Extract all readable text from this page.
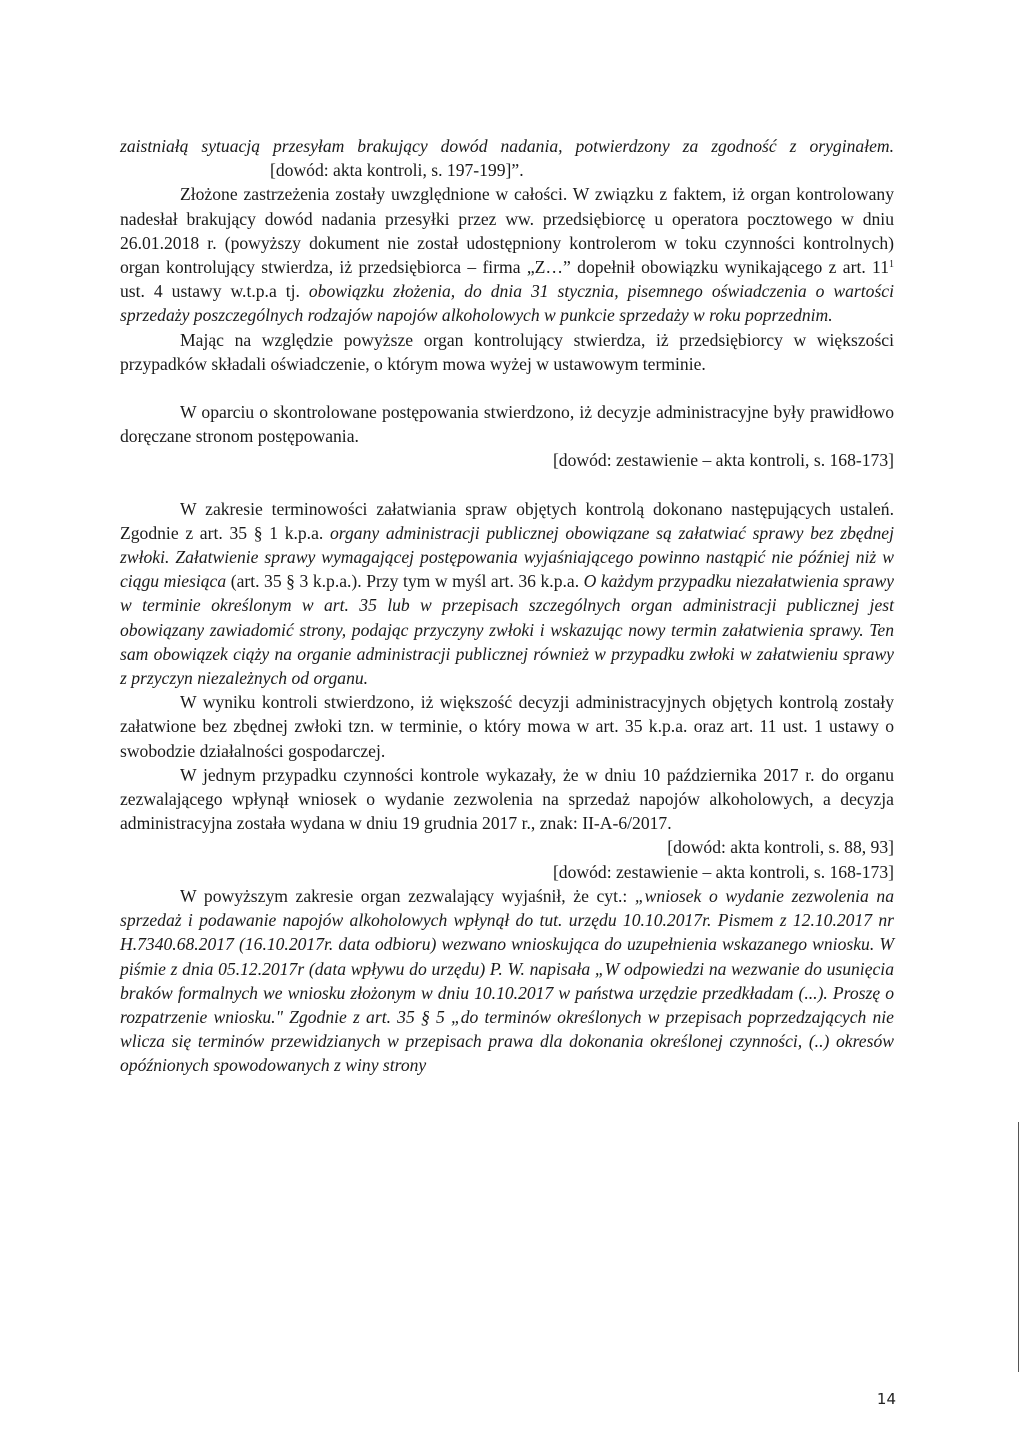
zaistniałą sytuacją przesyłam brakujący dowód nadania, potwierdzony za zgodność z oryginałem.[dowód: akta kontroli, s. 197-199]”.

Złożone zastrzeżenia zostały uwzględnione w całości. W związku z faktem, iż organ kontrolowany nadesłał brakujący dowód nadania przesyłki przez ww. przedsiębiorcę u operatora pocztowego w dniu 26.01.2018 r. (powyższy dokument nie został udostępniony kontrolerom w toku czynności kontrolnych) organ kontrolujący stwierdza, iż przedsiębiorca – firma „Z…” dopełnił obowiązku wynikającego z art. $11^1$ ust. 4 ustawy w.t.p.a tj. obowiązku złożenia, do dnia 31 stycznia, pisemnego oświadczenia o wartości sprzedaży poszczególnych rodzajów napojów alkoholowych w punkcie sprzedaży w roku poprzednim.

Mając na względzie powyższe organ kontrolujący stwierdza, iż przedsiębiorcy w większości przypadków składali oświadczenie, o którym mowa wyżej w ustawowym terminie.

W oparciu o skontrolowane postępowania stwierdzono, iż decyzje administracyjne były prawidłowo doręczane stronom postępowania.

[dowód: zestawienie – akta kontroli, s. 168-173]

W zakresie terminowości załatwiania spraw objętych kontrolą dokonano następujących ustaleń. Zgodnie z art. 35 § 1 k.p.a. organy administracji publicznej obowiązane są załatwiać sprawy bez zbędnej zwłoki. Załatwienie sprawy wymagającej postępowania wyjaśniającego powinno nastąpić nie później niż w ciągu miesiąca (art. 35 § 3 k.p.a.). Przy tym w myśl art. 36 k.p.a. O każdym przypadku niezałatwienia sprawy w terminie określonym w art. 35 lub w przepisach szczególnych organ administracji publicznej jest obowiązany zawiadomić strony, podając przyczyny zwłoki i wskazując nowy termin załatwienia sprawy. Ten sam obowiązek ciąży na organie administracji publicznej również w przypadku zwłoki w załatwieniu sprawy z przyczyn niezależnych od organu.

W wyniku kontroli stwierdzono, iż większość decyzji administracyjnych objętych kontrolą zostały załatwione bez zbędnej zwłoki tzn. w terminie, o który mowa w art. 35 k.p.a. oraz art. 11 ust. 1 ustawy o swobodzie działalności gospodarczej.

W jednym przypadku czynności kontrole wykazały, że w dniu 10 października 2017 r. do organu zezwalającego wpłynął wniosek o wydanie zezwolenia na sprzedaż napojów alkoholowych, a decyzja administracyjna została wydana w dniu 19 grudnia 2017 r., znak: II-A-6/2017.

[dowód: akta kontroli, s. 88, 93]

[dowód: zestawienie – akta kontroli, s. 168-173]

W powyższym zakresie organ zezwalający wyjaśnił, że cyt.: „wniosek o wydanie zezwolenia na sprzedaż i podawanie napojów alkoholowych wpłynął do tut. urzędu 10.10.2017r. Pismem z 12.10.2017 nr H.7340.68.2017 (16.10.2017r. data odbioru) wezwano wnioskująca do uzupełnienia wskazanego wniosku. W piśmie z dnia 05.12.2017r (data wpływu do urzędu) P. W. napisała „W odpowiedzi na wezwanie do usunięcia braków formalnych we wniosku złożonym w dniu 10.10.2017 w państwa urzędzie przedkładam (...). Proszę o rozpatrzenie wniosku." Zgodnie z art. 35 § 5 „do terminów określonych w przepisach poprzedzających nie wlicza się terminów przewidzianych w przepisach prawa dla dokonania określonej czynności, (..) okresów opóźnionych spowodowanych z winy strony

14
